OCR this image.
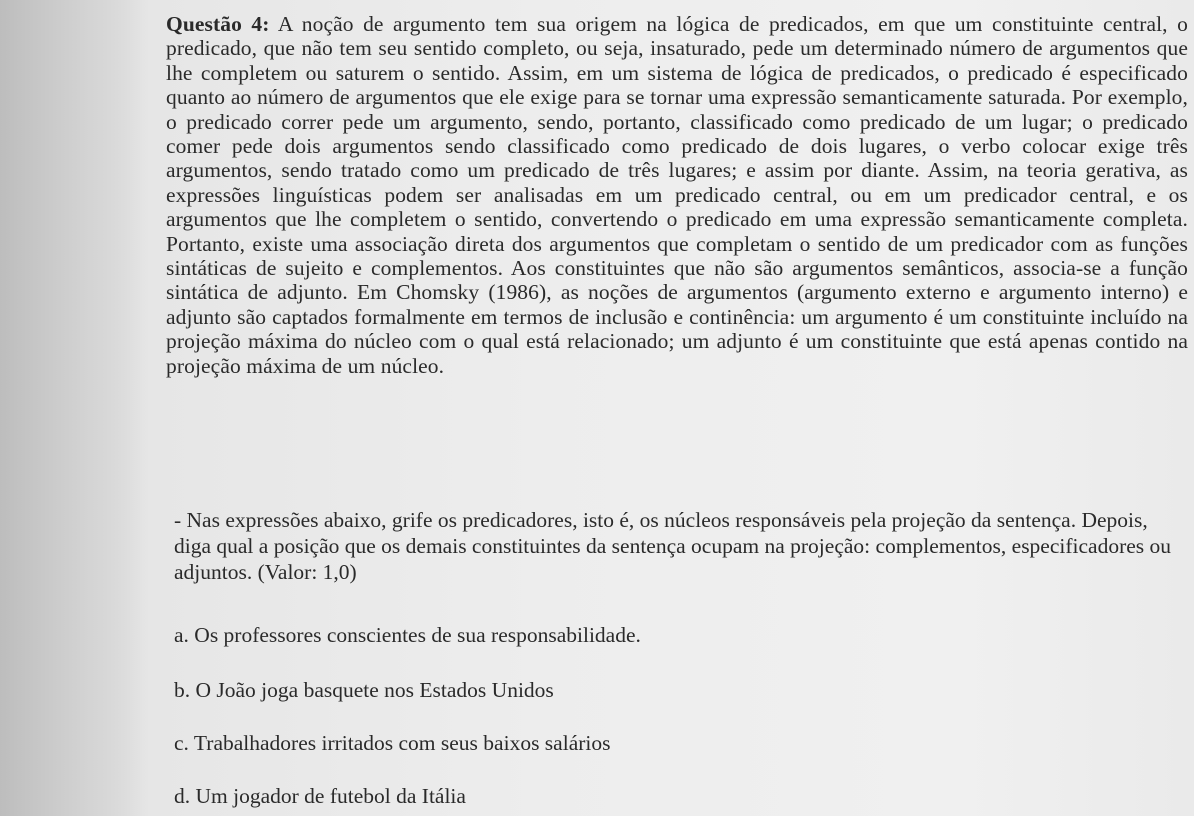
Questão 4: A noção de argumento tem sua origem na lógica de predicados, em que um constituinte central, o predicado, que não tem seu sentido completo, ou seja, insaturado, pede um determinado número de argumentos que lhe completem ou saturem o sentido. Assim, em um sistema de lógica de predicados, o predicado é especificado quanto ao número de argumentos que ele exige para se tornar uma expressão semanticamente saturada. Por exemplo, o predicado correr pede um argumento, sendo, portanto, classificado como predicado de um lugar; o predicado comer pede dois argumentos sendo classificado como predicado de dois lugares, o verbo colocar exige três argumentos, sendo tratado como um predicado de três lugares; e assim por diante. Assim, na teoria gerativa, as expressões linguísticas podem ser analisadas em um predicado central, ou em um predicador central, e os argumentos que lhe completem o sentido, convertendo o predicado em uma expressão semanticamente completa. Portanto, existe uma associação direta dos argumentos que completam o sentido de um predicador com as funções sintáticas de sujeito e complementos. Aos constituintes que não são argumentos semânticos, associa-se a função sintática de adjunto. Em Chomsky (1986), as noções de argumentos (argumento externo e argumento interno) e adjunto são captados formalmente em termos de inclusão e continência: um argumento é um constituinte incluído na projeção máxima do núcleo com o qual está relacionado; um adjunto é um constituinte que está apenas contido na projeção máxima de um núcleo.

- Nas expressões abaixo, grife os predicadores, isto é, os núcleos responsáveis pela projeção da sentença. Depois, diga qual a posição que os demais constituintes da sentença ocupam na projeção: complementos, especificadores ou adjuntos. (Valor: 1,0)

a. Os professores conscientes de sua responsabilidade.

b. O João joga basquete nos Estados Unidos

c. Trabalhadores irritados com seus baixos salários

d. Um jogador de futebol da Itália
